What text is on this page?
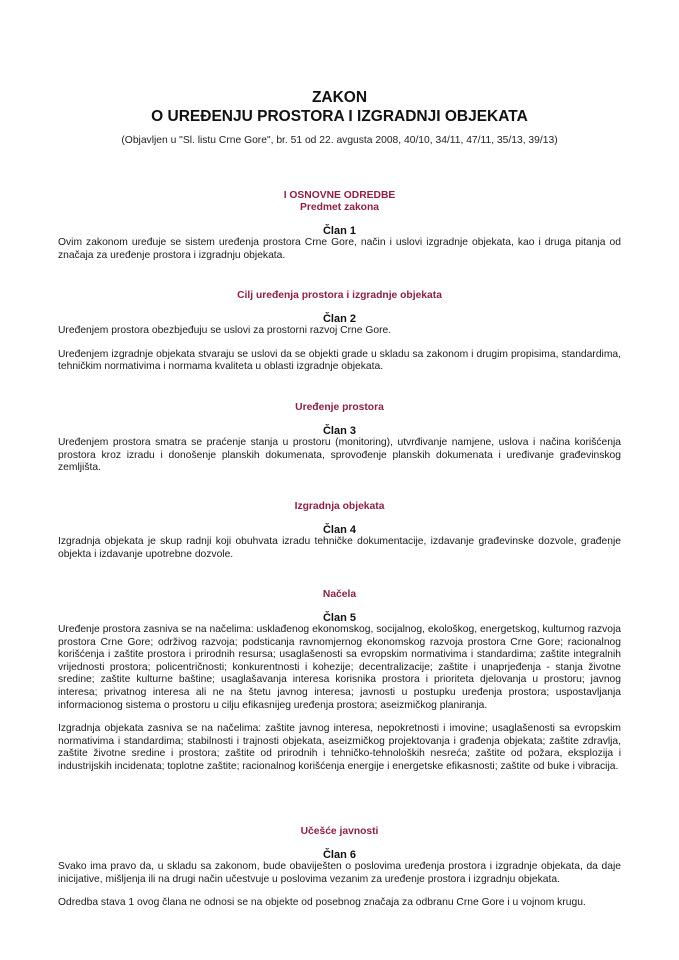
ZAKON
O UREĐENJU PROSTORA I IZGRADNJI OBJEKATA
(Objavljen u "Sl. listu Crne Gore", br. 51 od 22. avgusta 2008, 40/10, 34/11, 47/11, 35/13, 39/13)
I OSNOVNE ODREDBE
Predmet zakona
Član 1

Ovim zakonom uređuje se sistem uređenja prostora Crne Gore, način i uslovi izgradnje objekata, kao i druga pitanja od značaja za uređenje prostora i izgradnju objekata.

Cilj uređenja prostora i izgradnje objekata
Član 2

Uređenjem prostora obezbjeđuju se uslovi za prostorni razvoj Crne Gore.

Uređenjem izgradnje objekata stvaraju se uslovi da se objekti grade u skladu sa zakonom i drugim propisima, standardima, tehničkim normativima i normama kvaliteta u oblasti izgradnje objekata.

Uređenje prostora
Član 3

Uređenjem prostora smatra se praćenje stanja u prostoru (monitoring), utvrđivanje namjene, uslova i načina korišćenja prostora kroz izradu i donošenje planskih dokumenata, sprovođenje planskih dokumenata i uređivanje građevinskog zemljišta.

Izgradnja objekata
Član 4

Izgradnja objekata je skup radnji koji obuhvata izradu tehničke dokumentacije, izdavanje građevinske dozvole, građenje objekta i izdavanje upotrebne dozvole.

Načela
Član 5

Uređenje prostora zasniva se na načelima: usklađenog ekonomskog, socijalnog, ekološkog, energetskog, kulturnog razvoja prostora Crne Gore; održivog razvoja; podsticanja ravnomjernog ekonomskog razvoja prostora Crne Gore; racionalnog korišćenja i zaštite prostora i prirodnih resursa; usaglašenosti sa evropskim normativima i standardima; zaštite integralnih vrijednosti prostora; policentričnosti; konkurentnosti i kohezije; decentralizacije; zaštite i unaprjeđenja - stanja životne sredine; zaštite kulturne baštine; usaglašavanja interesa korisnika prostora i prioriteta djelovanja u prostoru; javnog interesa; privatnog interesa ali ne na štetu javnog interesa; javnosti u postupku uređenja prostora; uspostavljanja informacionog sistema o prostoru u cilju efikasnijeg uređenja prostora; aseizmičkog planiranja.

Izgradnja objekata zasniva se na načelima: zaštite javnog interesa, nepokretnosti i imovine; usaglašenosti sa evropskim normativima i standardima; stabilnosti i trajnosti objekata, aseizmičkog projektovanja i građenja objekata; zaštite zdravlja, zaštite životne sredine i prostora; zaštite od prirodnih i tehničko-tehnoloških nesreća; zaštite od požara, eksplozija i industrijskih incidenata; toplotne zaštite; racionalnog korišćenja energije i energetske efikasnosti; zaštite od buke i vibracija.

Učešće javnosti
Član 6

Svako ima pravo da, u skladu sa zakonom, bude obaviješten o poslovima uređenja prostora i izgradnje objekata, da daje inicijative, mišljenja ili na drugi način učestvuje u poslovima vezanim za uređenje prostora i izgradnju objekata.

Odredba stava 1 ovog člana ne odnosi se na objekte od posebnog značaja za odbranu Crne Gore i u vojnom krugu.
